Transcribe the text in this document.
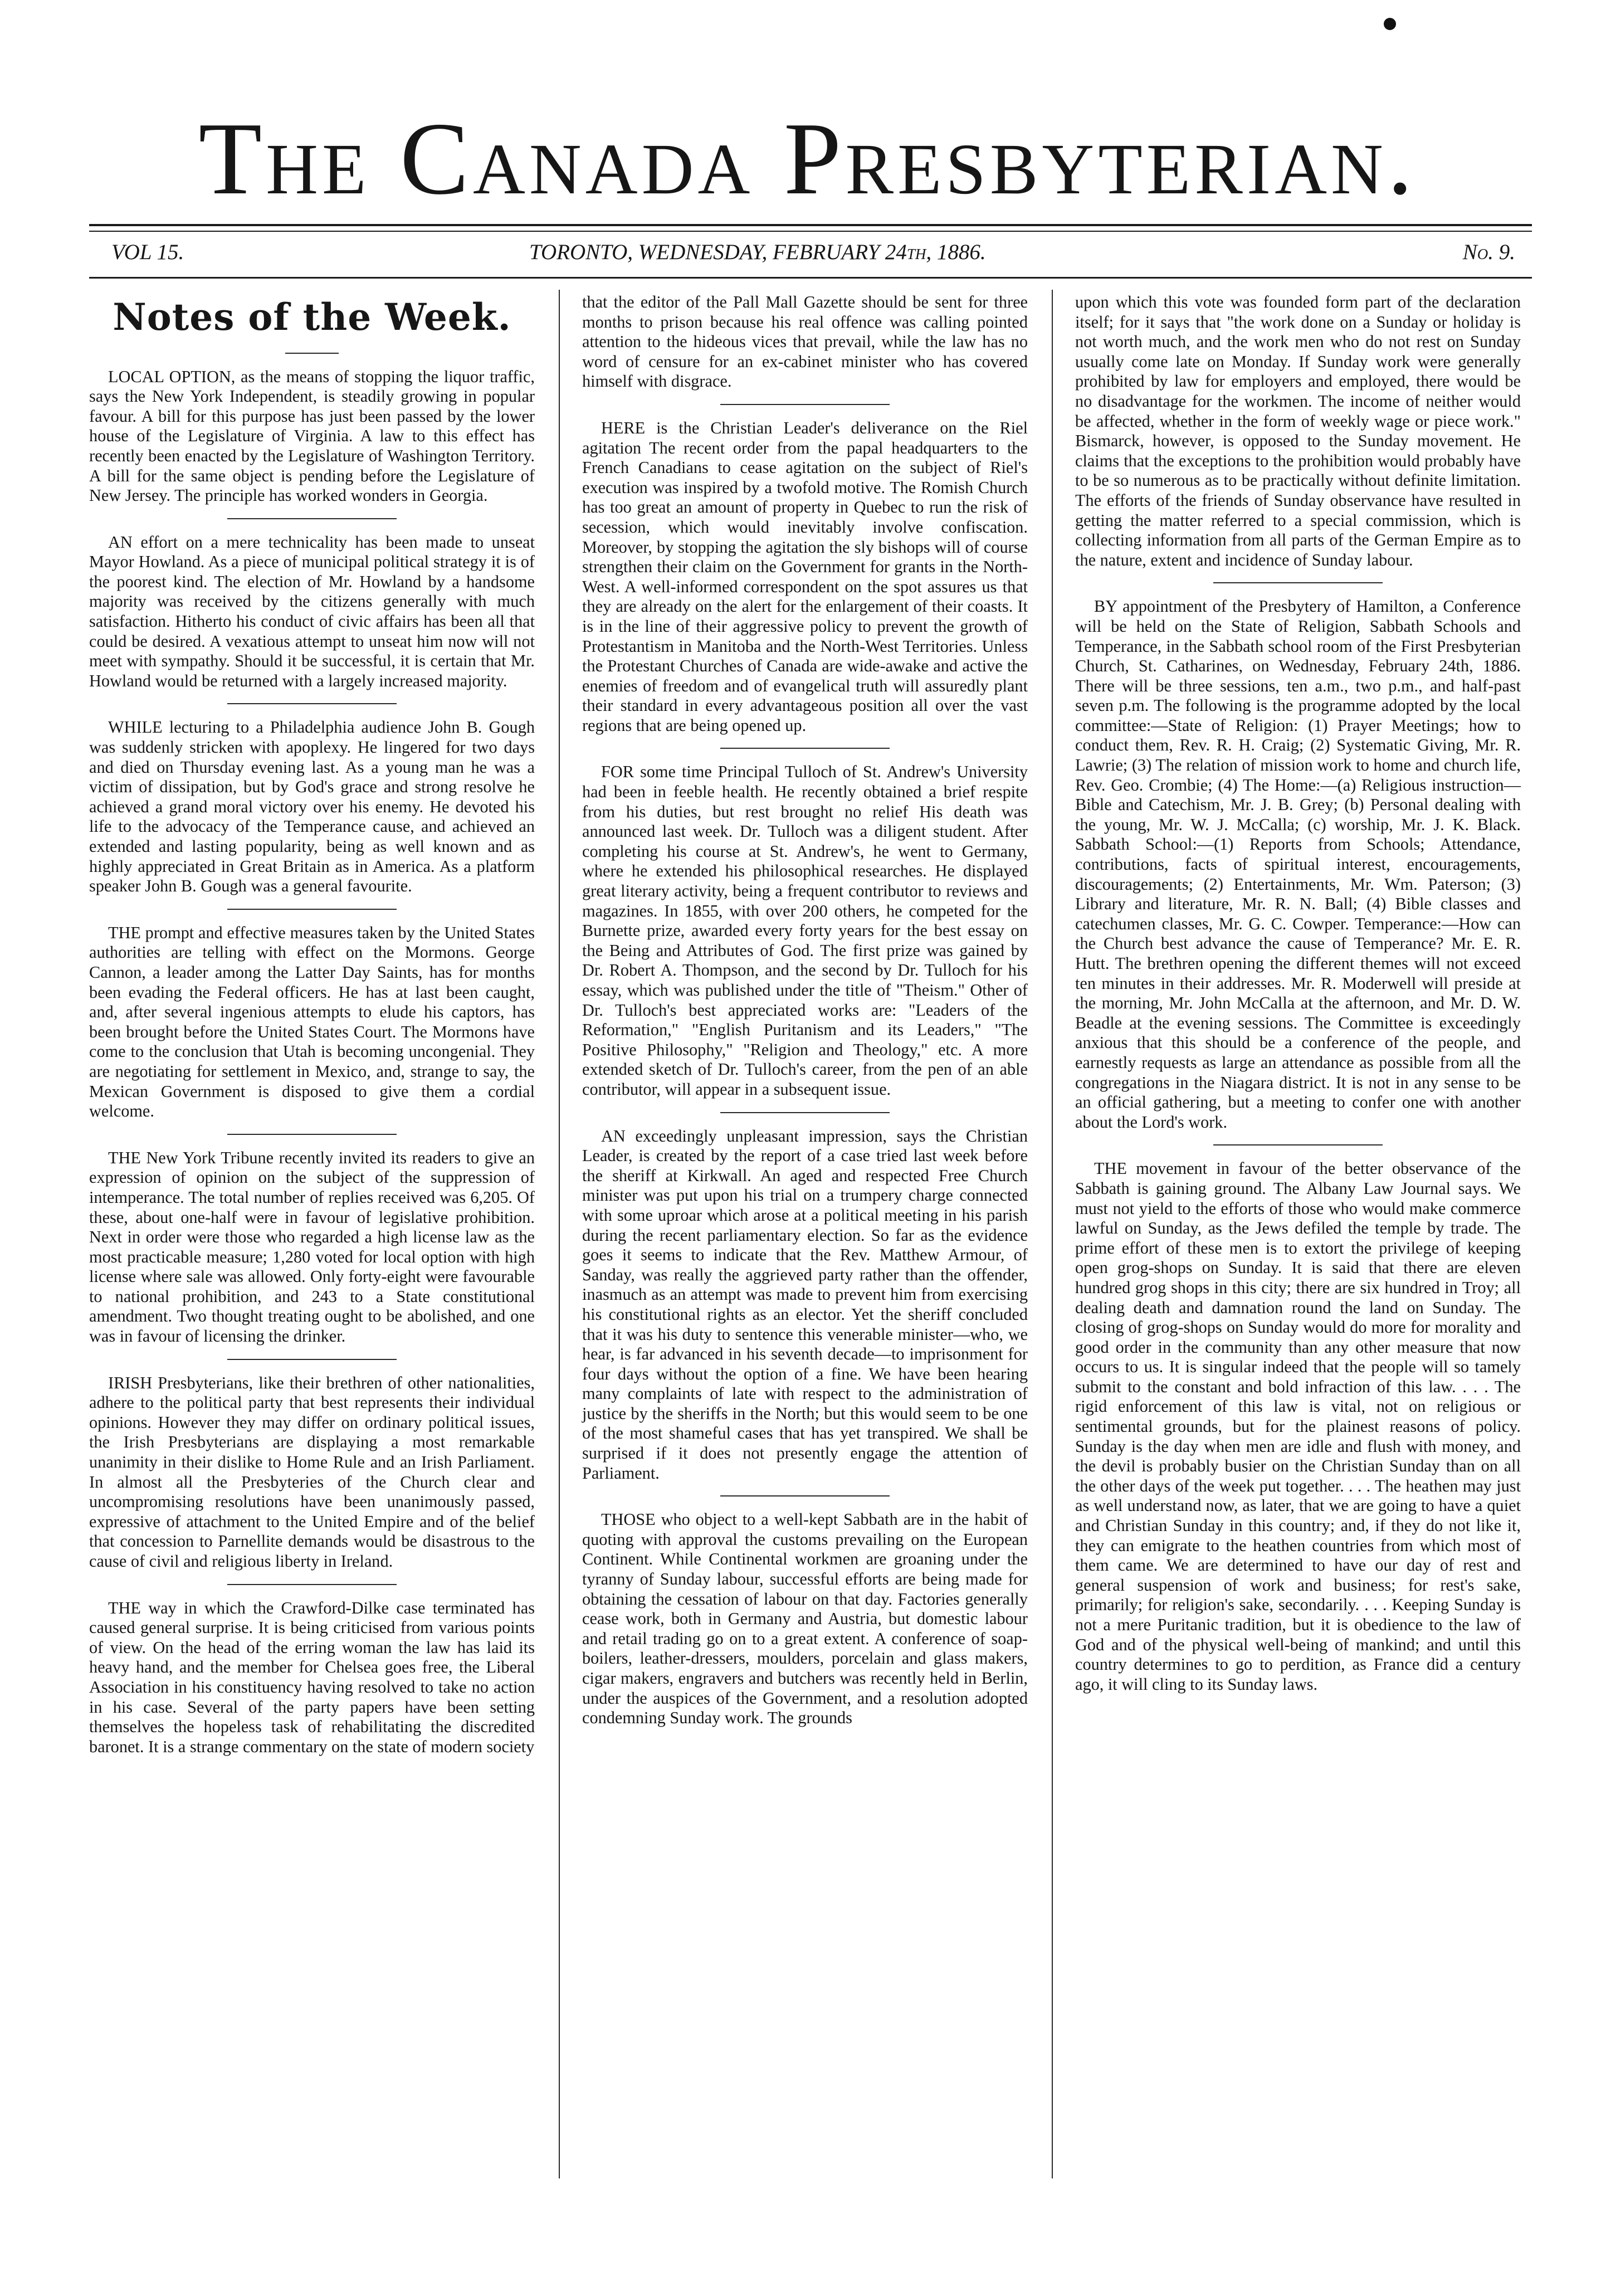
The Canada Presbyterian.
VOL 15.	TORONTO, WEDNESDAY, FEBRUARY 24th, 1886.	No. 9.
Notes of the Week.

LOCAL OPTION, as the means of stopping the liquor traffic, says the New York Independent, is steadily growing in popular favour. A bill for this purpose has just been passed by the lower house of the Legislature of Virginia. A law to this effect has recently been enacted by the Legislature of Washington Territory. A bill for the same object is pending before the Legislature of New Jersey. The principle has worked wonders in Georgia.

AN effort on a mere technicality has been made to unseat Mayor Howland. As a piece of municipal political strategy it is of the poorest kind. The election of Mr. Howland by a handsome majority was received by the citizens generally with much satisfaction. Hitherto his conduct of civic affairs has been all that could be desired. A vexatious attempt to unseat him now will not meet with sympathy. Should it be successful, it is certain that Mr. Howland would be returned with a largely increased majority.

WHILE lecturing to a Philadelphia audience John B. Gough was suddenly stricken with apoplexy. He lingered for two days and died on Thursday evening last. As a young man he was a victim of dissipation, but by God's grace and strong resolve he achieved a grand moral victory over his enemy. He devoted his life to the advocacy of the Temperance cause, and achieved an extended and lasting popularity, being as well known and as highly appreciated in Great Britain as in America. As a platform speaker John B. Gough was a general favourite.

THE prompt and effective measures taken by the United States authorities are telling with effect on the Mormons. George Cannon, a leader among the Latter Day Saints, has for months been evading the Federal officers. He has at last been caught, and, after several ingenious attempts to elude his captors, has been brought before the United States Court. The Mormons have come to the conclusion that Utah is becoming uncongenial. They are negotiating for settlement in Mexico, and, strange to say, the Mexican Government is disposed to give them a cordial welcome.

THE New York Tribune recently invited its readers to give an expression of opinion on the subject of the suppression of intemperance. The total number of replies received was 6,205. Of these, about one-half were in favour of legislative prohibition. Next in order were those who regarded a high license law as the most practicable measure; 1,280 voted for local option with high license where sale was allowed. Only forty-eight were favourable to national prohibition, and 243 to a State constitutional amendment. Two thought treating ought to be abolished, and one was in favour of licensing the drinker.

IRISH Presbyterians, like their brethren of other nationalities, adhere to the political party that best represents their individual opinions. However they may differ on ordinary political issues, the Irish Presbyterians are displaying a most remarkable unanimity in their dislike to Home Rule and an Irish Parliament. In almost all the Presbyteries of the Church clear and uncompromising resolutions have been unanimously passed, expressive of attachment to the United Empire and of the belief that concession to Parnellite demands would be disastrous to the cause of civil and religious liberty in Ireland.

THE way in which the Crawford-Dilke case terminated has caused general surprise. It is being criticised from various points of view. On the head of the erring woman the law has laid its heavy hand, and the member for Chelsea goes free, the Liberal Association in his constituency having resolved to take no action in his case. Several of the party papers have been setting themselves the hopeless task of rehabilitating the discredited baronet. It is a strange commentary on the state of modern society

that the editor of the Pall Mall Gazette should be sent for three months to prison because his real offence was calling pointed attention to the hideous vices that prevail, while the law has no word of censure for an ex-cabinet minister who has covered himself with disgrace.

HERE is the Christian Leader's deliverance on the Riel agitation The recent order from the papal headquarters to the French Canadians to cease agitation on the subject of Riel's execution was inspired by a twofold motive. The Romish Church has too great an amount of property in Quebec to run the risk of secession, which would inevitably involve confiscation. Moreover, by stopping the agitation the sly bishops will of course strengthen their claim on the Government for grants in the North-West. A well-informed correspondent on the spot assures us that they are already on the alert for the enlargement of their coasts. It is in the line of their aggressive policy to prevent the growth of Protestantism in Manitoba and the North-West Territories. Unless the Protestant Churches of Canada are wide-awake and active the enemies of freedom and of evangelical truth will assuredly plant their standard in every advantageous position all over the vast regions that are being opened up.

FOR some time Principal Tulloch of St. Andrew's University had been in feeble health. He recently obtained a brief respite from his duties, but rest brought no relief His death was announced last week. Dr. Tulloch was a diligent student. After completing his course at St. Andrew's, he went to Germany, where he extended his philosophical researches. He displayed great literary activity, being a frequent contributor to reviews and magazines. In 1855, with over 200 others, he competed for the Burnette prize, awarded every forty years for the best essay on the Being and Attributes of God. The first prize was gained by Dr. Robert A. Thompson, and the second by Dr. Tulloch for his essay, which was published under the title of "Theism." Other of Dr. Tulloch's best appreciated works are: "Leaders of the Reformation," "English Puritanism and its Leaders," "The Positive Philosophy," "Religion and Theology," etc. A more extended sketch of Dr. Tulloch's career, from the pen of an able contributor, will appear in a subsequent issue.

AN exceedingly unpleasant impression, says the Christian Leader, is created by the report of a case tried last week before the sheriff at Kirkwall. An aged and respected Free Church minister was put upon his trial on a trumpery charge connected with some uproar which arose at a political meeting in his parish during the recent parliamentary election. So far as the evidence goes it seems to indicate that the Rev. Matthew Armour, of Sanday, was really the aggrieved party rather than the offender, inasmuch as an attempt was made to prevent him from exercising his constitutional rights as an elector. Yet the sheriff concluded that it was his duty to sentence this venerable minister—who, we hear, is far advanced in his seventh decade—to imprisonment for four days without the option of a fine. We have been hearing many complaints of late with respect to the administration of justice by the sheriffs in the North; but this would seem to be one of the most shameful cases that has yet transpired. We shall be surprised if it does not presently engage the attention of Parliament.

THOSE who object to a well-kept Sabbath are in the habit of quoting with approval the customs prevailing on the European Continent. While Continental workmen are groaning under the tyranny of Sunday labour, successful efforts are being made for obtaining the cessation of labour on that day. Factories generally cease work, both in Germany and Austria, but domestic labour and retail trading go on to a great extent. A conference of soap-boilers, leather-dressers, moulders, porcelain and glass makers, cigar makers, engravers and butchers was recently held in Berlin, under the auspices of the Government, and a resolution adopted condemning Sunday work. The grounds

upon which this vote was founded form part of the declaration itself; for it says that "the work done on a Sunday or holiday is not worth much, and the work men who do not rest on Sunday usually come late on Monday. If Sunday work were generally prohibited by law for employers and employed, there would be no disadvantage for the workmen. The income of neither would be affected, whether in the form of weekly wage or piece work." Bismarck, however, is opposed to the Sunday movement. He claims that the exceptions to the prohibition would probably have to be so numerous as to be practically without definite limitation. The efforts of the friends of Sunday observance have resulted in getting the matter referred to a special commission, which is collecting information from all parts of the German Empire as to the nature, extent and incidence of Sunday labour.

BY appointment of the Presbytery of Hamilton, a Conference will be held on the State of Religion, Sabbath Schools and Temperance, in the Sabbath school room of the First Presbyterian Church, St. Catharines, on Wednesday, February 24th, 1886. There will be three sessions, ten a.m., two p.m., and half-past seven p.m. The following is the programme adopted by the local committee:—State of Religion: (1) Prayer Meetings; how to conduct them, Rev. R. H. Craig; (2) Systematic Giving, Mr. R. Lawrie; (3) The relation of mission work to home and church life, Rev. Geo. Crombie; (4) The Home:—(a) Religious instruction—Bible and Catechism, Mr. J. B. Grey; (b) Personal dealing with the young, Mr. W. J. McCalla; (c) worship, Mr. J. K. Black. Sabbath School:—(1) Reports from Schools; Attendance, contributions, facts of spiritual interest, encouragements, discouragements; (2) Entertainments, Mr. Wm. Paterson; (3) Library and literature, Mr. R. N. Ball; (4) Bible classes and catechumen classes, Mr. G. C. Cowper. Temperance:—How can the Church best advance the cause of Temperance? Mr. E. R. Hutt. The brethren opening the different themes will not exceed ten minutes in their addresses. Mr. R. Moderwell will preside at the morning, Mr. John McCalla at the afternoon, and Mr. D. W. Beadle at the evening sessions. The Committee is exceedingly anxious that this should be a conference of the people, and earnestly requests as large an attendance as possible from all the congregations in the Niagara district. It is not in any sense to be an official gathering, but a meeting to confer one with another about the Lord's work.

THE movement in favour of the better observance of the Sabbath is gaining ground. The Albany Law Journal says. We must not yield to the efforts of those who would make commerce lawful on Sunday, as the Jews defiled the temple by trade. The prime effort of these men is to extort the privilege of keeping open grog-shops on Sunday. It is said that there are eleven hundred grog shops in this city; there are six hundred in Troy; all dealing death and damnation round the land on Sunday. The closing of grog-shops on Sunday would do more for morality and good order in the community than any other measure that now occurs to us. It is singular indeed that the people will so tamely submit to the constant and bold infraction of this law. . . . The rigid enforcement of this law is vital, not on religious or sentimental grounds, but for the plainest reasons of policy. Sunday is the day when men are idle and flush with money, and the devil is probably busier on the Christian Sunday than on all the other days of the week put together. . . . The heathen may just as well understand now, as later, that we are going to have a quiet and Christian Sunday in this country; and, if they do not like it, they can emigrate to the heathen countries from which most of them came. We are determined to have our day of rest and general suspension of work and business; for rest's sake, primarily; for religion's sake, secondarily. . . . Keeping Sunday is not a mere Puritanic tradition, but it is obedience to the law of God and of the physical well-being of mankind; and until this country determines to go to perdition, as France did a century ago, it will cling to its Sunday laws.
